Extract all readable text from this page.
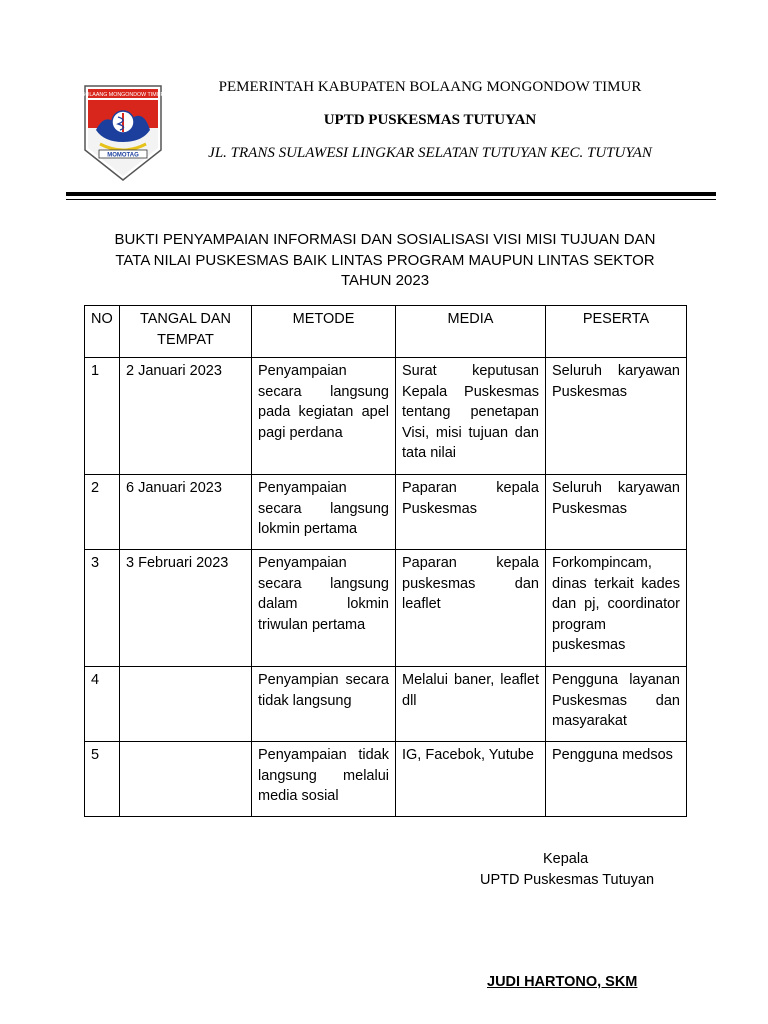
BOLAANG MONGONDOW TIMUR
MOMOTAG
PEMERINTAH KABUPATEN BOLAANG MONGONDOW TIMUR
UPTD PUSKESMAS TUTUYAN
JL. TRANS SULAWESI LINGKAR SELATAN TUTUYAN KEC. TUTUYAN
BUKTI PENYAMPAIAN INFORMASI DAN SOSIALISASI VISI MISI TUJUAN DAN
TATA NILAI PUSKESMAS BAIK LINTAS PROGRAM MAUPUN LINTAS SEKTOR
TAHUN 2023
NO	TANGAL DAN TEMPAT	METODE	MEDIA	PESERTA
1	2 Januari 2023	Penyampaian secara langsung pada kegiatan apel pagi perdana	Surat keputusan Kepala Puskesmas tentang penetapan Visi, misi tujuan dan tata nilai	Seluruh karyawan Puskesmas
2	6 Januari 2023	Penyampaian secara langsung lokmin pertama	Paparan kepala Puskesmas	Seluruh karyawan Puskesmas
3	3 Februari 2023	Penyampaian secara langsung dalam lokmin triwulan pertama	Paparan kepala puskesmas dan leaflet	Forkompincam, dinas terkait kades dan pj, coordinator program puskesmas
4		Penyampian secara tidak langsung	Melalui baner, leaflet dll	Pengguna layanan Puskesmas dan masyarakat
5		Penyampaian tidak langsung melalui media sosial	IG, Facebok, Yutube	Pengguna medsos
Kepala
UPTD Puskesmas Tutuyan
JUDI HARTONO, SKM
